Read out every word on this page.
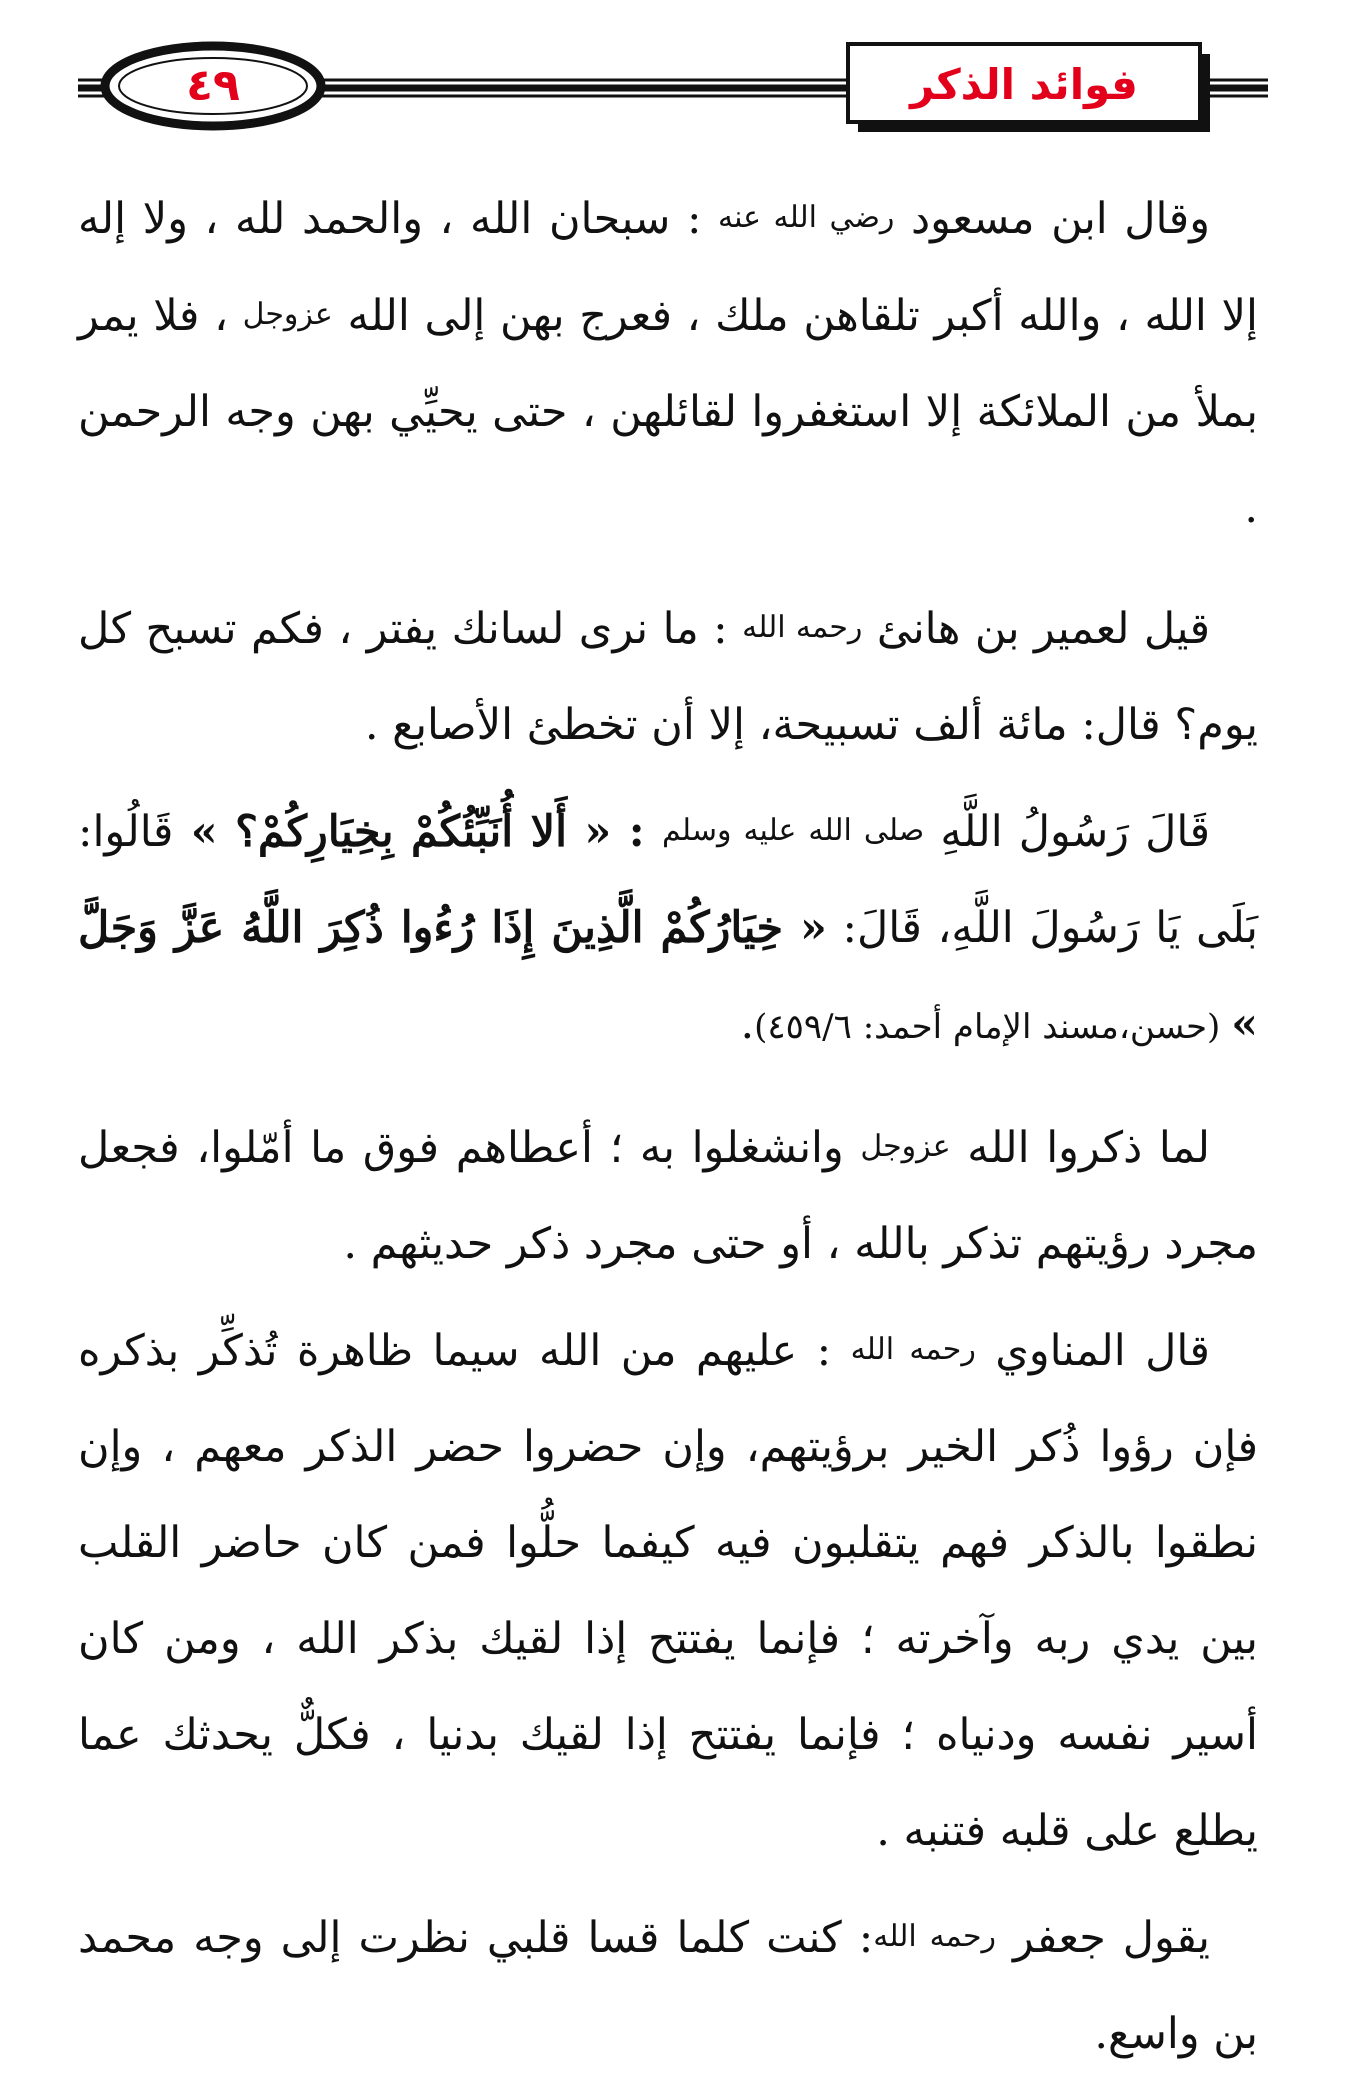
٤٩	فوائد الذكر

وقال ابن مسعود رضي الله عنه : سبحان الله ، والحمد لله ، ولا إله إلا الله ، والله أكبر تلقاهن ملك ، فعرج بهن إلى الله عزوجل ، فلا يمر بملأ من الملائكة إلا استغفروا لقائلهن ، حتى يحيِّي بهن وجه الرحمن .

قيل لعمير بن هانئ رحمه الله : ما نرى لسانك يفتر ، فكم تسبح كل يوم؟ قال: مائة ألف تسبيحة، إلا أن تخطئ الأصابع .

قَالَ رَسُولُ اللَّهِ صلى الله عليه وسلم : « أَلا أُنَبِّئُكُمْ بِخِيَارِكُمْ؟ » قَالُوا: بَلَى يَا رَسُولَ اللَّهِ، قَالَ: « خِيَارُكُمْ الَّذِينَ إِذَا رُءُوا ذُكِرَ اللَّهُ عَزَّ وَجَلَّ » (حسن،مسند الإمام أحمد: ٤٥٩/٦).

لما ذكروا الله عزوجل وانشغلوا به ؛ أعطاهم فوق ما أمّلوا، فجعل مجرد رؤيتهم تذكر بالله ، أو حتى مجرد ذكر حديثهم .

قال المناوي رحمه الله : عليهم من الله سيما ظاهرة تُذكِّر بذكره فإن رؤوا ذُكر الخير برؤيتهم، وإن حضروا حضر الذكر معهم ، وإن نطقوا بالذكر فهم يتقلبون فيه كيفما حلُّوا فمن كان حاضر القلب بين يدي ربه وآخرته ؛ فإنما يفتتح إذا لقيك بذكر الله ، ومن كان أسير نفسه ودنياه ؛ فإنما يفتتح إذا لقيك بدنيا ، فكلٌّ يحدثك عما يطلع على قلبه فتنبه .

يقول جعفر رحمه الله: كنت كلما قسا قلبي نظرت إلى وجه محمد بن واسع.
